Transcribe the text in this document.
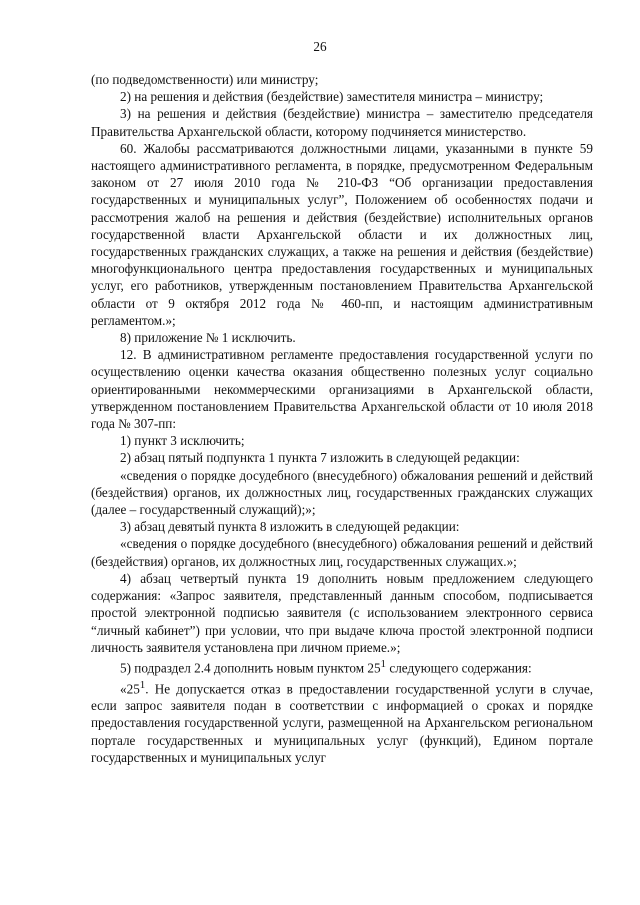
26

(по подведомственности) или министру;

2) на решения и действия (бездействие) заместителя министра – министру;

3) на решения и действия (бездействие) министра – заместителю председателя Правительства Архангельской области, которому подчиняется министерство.

60. Жалобы рассматриваются должностными лицами, указанными в пункте 59 настоящего административного регламента, в порядке, предусмотренном Федеральным законом от 27 июля 2010 года № 210-ФЗ “Об организации предоставления государственных и муниципальных услуг”, Положением об особенностях подачи и рассмотрения жалоб на решения и действия (бездействие) исполнительных органов государственной власти Архангельской области и их должностных лиц, государственных гражданских служащих, а также на решения и действия (бездействие) многофункционального центра предоставления государственных и муниципальных услуг, его работников, утвержденным постановлением Правительства Архангельской области от 9 октября 2012 года № 460-пп, и настоящим административным регламентом.»;

8) приложение № 1 исключить.

12. В административном регламенте предоставления государственной услуги по осуществлению оценки качества оказания общественно полезных услуг социально ориентированными некоммерческими организациями в Архангельской области, утвержденном постановлением Правительства Архангельской области от 10 июля 2018 года № 307-пп:

1) пункт 3 исключить;

2) абзац пятый подпункта 1 пункта 7 изложить в следующей редакции:

«сведения о порядке досудебного (внесудебного) обжалования решений и действий (бездействия) органов, их должностных лиц, государственных гражданских служащих (далее – государственный служащий);»;

3) абзац девятый пункта 8 изложить в следующей редакции:

«сведения о порядке досудебного (внесудебного) обжалования решений и действий (бездействия) органов, их должностных лиц, государственных служащих.»;

4) абзац четвертый пункта 19 дополнить новым предложением следующего содержания: «Запрос заявителя, представленный данным способом, подписывается простой электронной подписью заявителя (с использованием электронного сервиса “личный кабинет”) при условии, что при выдаче ключа простой электронной подписи личность заявителя установлена при личном приеме.»;

5) подраздел 2.4 дополнить новым пунктом $25^1$ следующего содержания:

«$25^1$. Не допускается отказ в предоставлении государственной услуги в случае, если запрос заявителя подан в соответствии с информацией о сроках и порядке предоставления государственной услуги, размещенной на Архангельском региональном портале государственных и муниципальных услуг (функций), Едином портале государственных и муниципальных услуг
